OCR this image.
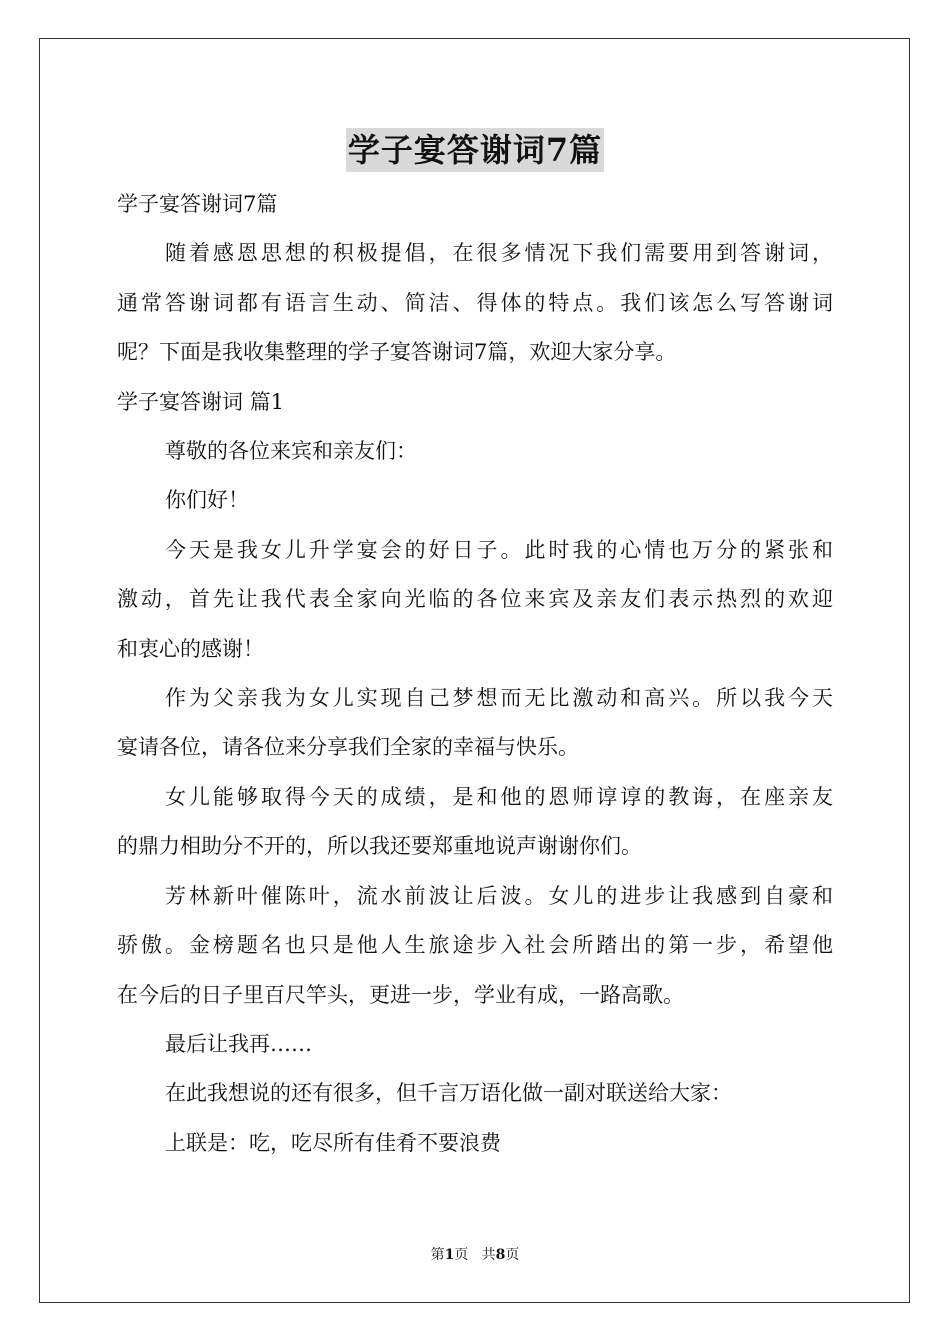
学子宴答谢词7篇
学子宴答谢词7篇
随着感恩思想的积极提倡，在很多情况下我们需要用到答谢词，
通常答谢词都有语言生动、简洁、得体的特点。我们该怎么写答谢词
呢？下面是我收集整理的学子宴答谢词7篇，欢迎大家分享。
学子宴答谢词 篇1
尊敬的各位来宾和亲友们：
你们好！
今天是我女儿升学宴会的好日子。此时我的心情也万分的紧张和
激动，首先让我代表全家向光临的各位来宾及亲友们表示热烈的欢迎
和衷心的感谢！
作为父亲我为女儿实现自己梦想而无比激动和高兴。所以我今天
宴请各位，请各位来分享我们全家的幸福与快乐。
女儿能够取得今天的成绩，是和他的恩师谆谆的教诲，在座亲友
的鼎力相助分不开的，所以我还要郑重地说声谢谢你们。
芳林新叶催陈叶，流水前波让后波。女儿的进步让我感到自豪和
骄傲。金榜题名也只是他人生旅途步入社会所踏出的第一步，希望他
在今后的日子里百尺竿头，更进一步，学业有成，一路高歌。
最后让我再……
在此我想说的还有很多，但千言万语化做一副对联送给大家：
上联是：吃，吃尽所有佳肴不要浪费
第1页 共8页
